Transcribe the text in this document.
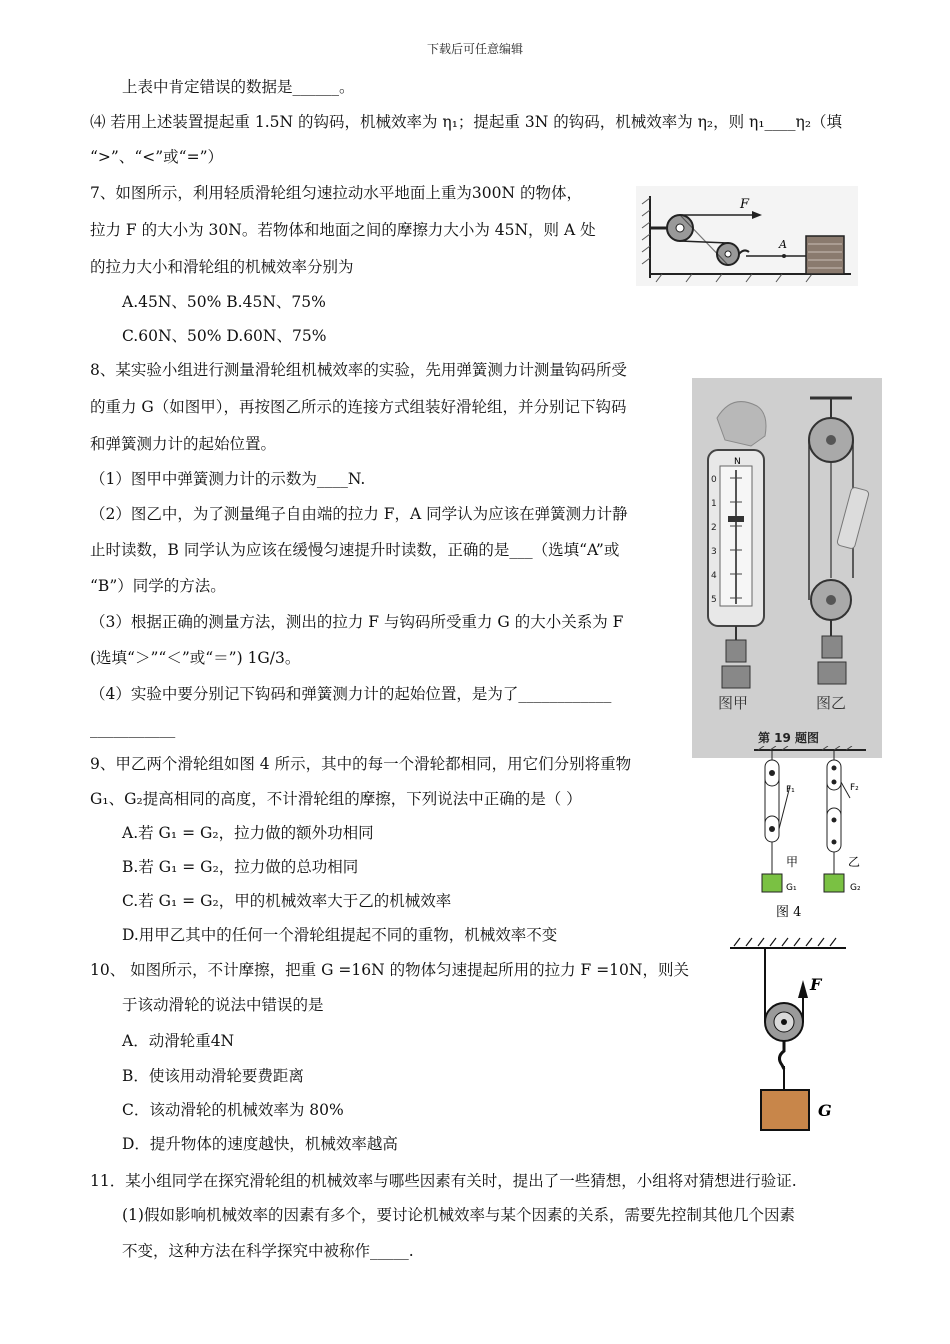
下载后可任意编辑
上表中肯定错误的数据是______。
⑷ 若用上述装置提起重 1.5N 的钩码，机械效率为 η₁；提起重 3N 的钩码，机械效率为 η₂，则 η₁____η₂（填
“>”、“<”或“=”）
7、如图所示，利用轻质滑轮组匀速拉动水平地面上重为300N 的物体，
拉力 F 的大小为 30N。若物体和地面之间的摩擦力大小为 45N，则 A 处
的拉力大小和滑轮组的机械效率分别为
A.45N、50% B.45N、75%
C.60N、50% D.60N、75%
8、某实验小组进行测量滑轮组机械效率的实验，先用弹簧测力计测量钩码所受
的重力 G（如图甲），再按图乙所示的连接方式组装好滑轮组，并分别记下钩码
和弹簧测力计的起始位置。
（1）图甲中弹簧测力计的示数为____N.
（2）图乙中，为了测量绳子自由端的拉力 F，A 同学认为应该在弹簧测力计静
止时读数，B 同学认为应该在缓慢匀速提升时读数，正确的是___（选填“A”或
“B”）同学的方法。
（3）根据正确的测量方法，测出的拉力 F 与钩码所受重力 G 的大小关系为 F
(选填“＞”“＜”或“＝”) 1G/3。
（4）实验中要分别记下钩码和弹簧测力计的起始位置，是为了____________
___________
9、甲乙两个滑轮组如图 4 所示，其中的每一个滑轮都相同，用它们分别将重物
G₁、G₂提高相同的高度，不计滑轮组的摩擦，下列说法中正确的是（ ）
A.若 G₁ = G₂，拉力做的额外功相同
B.若 G₁ = G₂，拉力做的总功相同
C.若 G₁ = G₂，甲的机械效率大于乙的机械效率
D.用甲乙其中的任何一个滑轮组提起不同的重物，机械效率不变
10、 如图所示，不计摩擦，把重 G =16N 的物体匀速提起所用的拉力 F =10N，则关
于该动滑轮的说法中错误的是
A．动滑轮重4N
B．使该用动滑轮要费距离
C．该动滑轮的机械效率为 80%
D．提升物体的速度越快，机械效率越高
11．某小组同学在探究滑轮组的机械效率与哪些因素有关时，提出了一些猜想，小组将对猜想进行验证.
(1)假如影响机械效率的因素有多个，要讨论机械效率与某个因素的关系，需要先控制其他几个因素
不变，这种方法在科学探究中被称作_____.
F
A
N
0
1
2
3
4
5
图甲	图乙
第 19 题图
F₁
甲
G₁
F₂
乙
G₂
图 4
F
G
